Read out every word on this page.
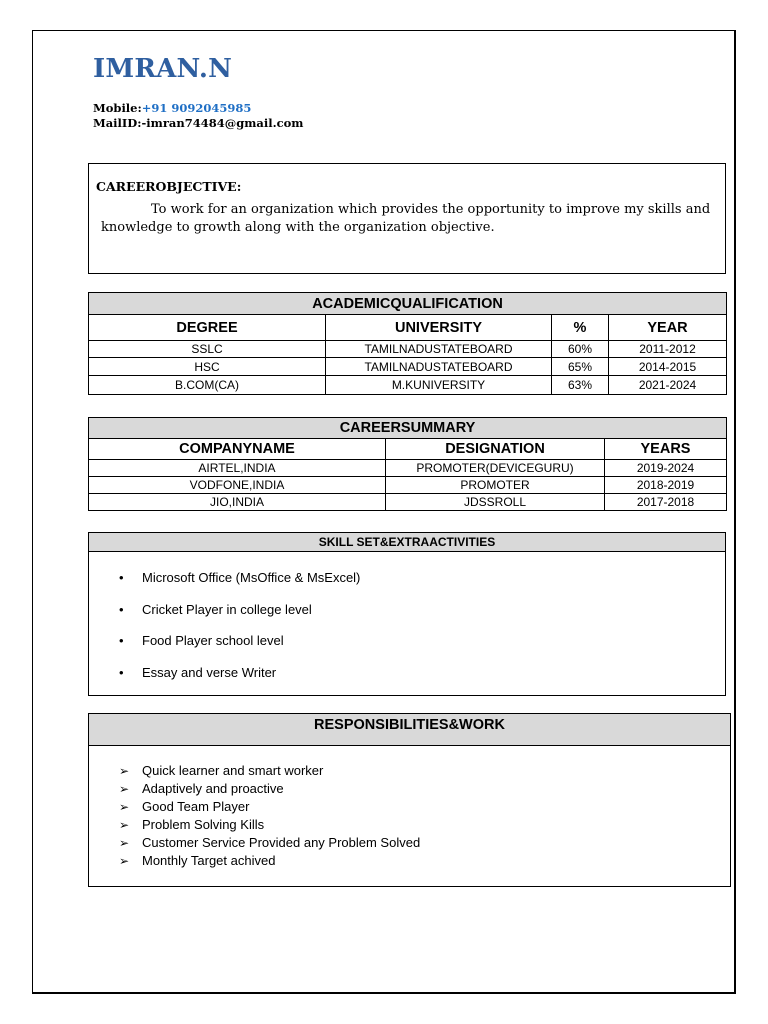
IMRAN.N
Mobile:+91 9092045985
MailID:-imran74484@gmail.com
CAREEROBJECTIVE:
To work for an organization which provides the opportunity to improve my skills and knowledge to growth along with the organization objective.
ACADEMICQUALIFICATION			
DEGREE	UNIVERSITY	%	YEAR
SSLC	TAMILNADUSTATEBOARD	60%	2011-2012
HSC	TAMILNADUSTATEBOARD	65%	2014-2015
B.COM(CA)	M.KUNIVERSITY	63%	2021-2024
CAREERSUMMARY		
COMPANYNAME	DESIGNATION	YEARS
AIRTEL,INDIA	PROMOTER(DEVICEGURU)	2019-2024
VODFONE,INDIA	PROMOTER	2018-2019
JIO,INDIA	JDSSROLL	2017-2018
SKILL SET&EXTRAACTIVITIES
• Microsoft Office (MsOffice & MsExcel)
• Cricket Player in college level
• Food Player school level
• Essay and verse Writer
RESPONSIBILITIES&WORK
➢ Quick learner and smart worker
➢ Adaptively and proactive
➢ Good Team Player
➢ Problem Solving Kills
➢ Customer Service Provided any Problem Solved
➢ Monthly Target achived
